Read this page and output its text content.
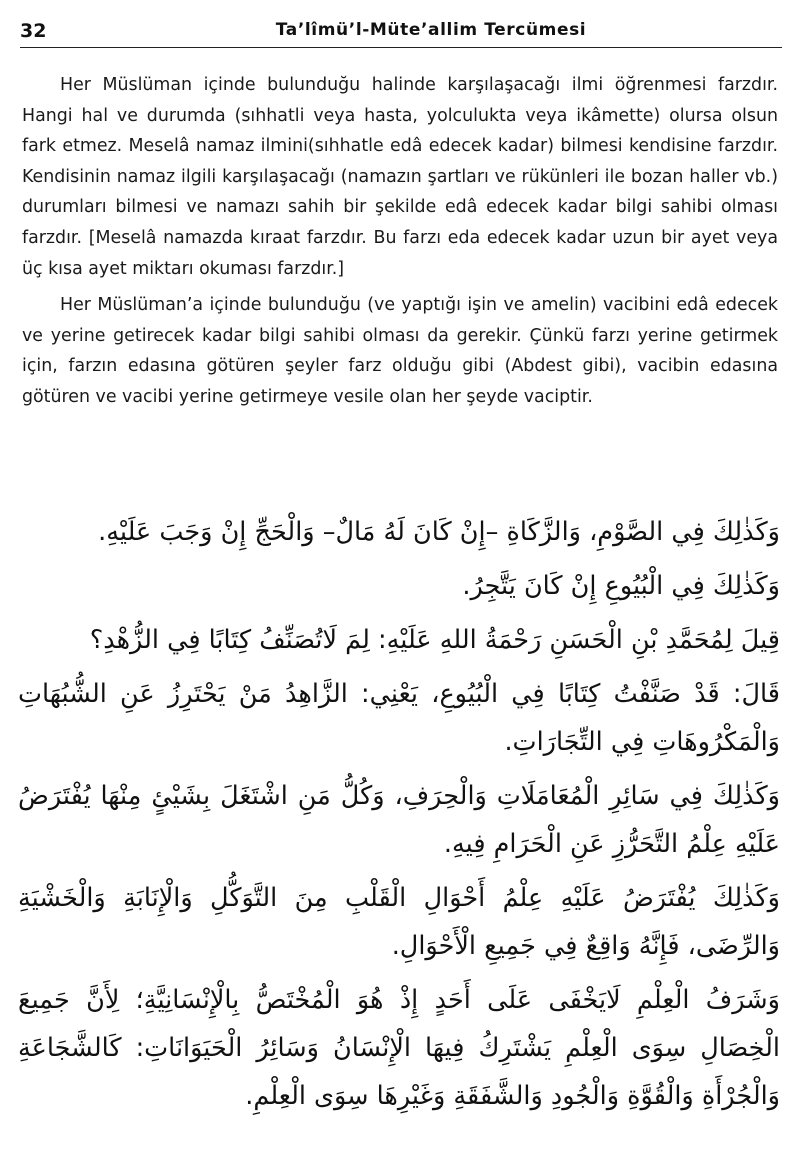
32	Ta’lîmü’l-Müte’allim Tercümesi

Her Müslüman içinde bulunduğu halinde karşılaşacağı ilmi öğrenmesi farzdır. Hangi hal ve durumda (sıhhatli veya hasta, yolculukta veya ikâmette) olursa olsun fark etmez. Meselâ namaz ilmini(sıhhatle edâ edecek kadar) bilmesi kendisine farzdır. Kendisinin namaz ilgili karşılaşacağı (namazın şartları ve rükünleri ile bozan haller vb.) durumları bilmesi ve namazı sahih bir şekilde edâ edecek kadar bilgi sahibi olması farzdır. [Meselâ namazda kıraat farzdır. Bu farzı eda edecek kadar uzun bir ayet veya üç kısa ayet miktarı okuması farzdır.]

Her Müslüman’a içinde bulunduğu (ve yaptığı işin ve amelin) vacibini edâ edecek ve yerine getirecek kadar bilgi sahibi olması da gerekir. Çünkü farzı yerine getirmek için, farzın edasına götüren şeyler farz olduğu gibi (Abdest gibi), vacibin edasına götüren ve vacibi yerine getirmeye vesile olan her şeyde vaciptir.

وَكَذٰلِكَ فِي الصَّوْمِ، وَالزَّكَاةِ –إِنْ كَانَ لَهُ مَالٌ– وَالْحَجِّ إِنْ وَجَبَ عَلَيْهِ.

وَكَذٰلِكَ فِي الْبُيُوعِ إِنْ كَانَ يَتَّجِرُ.

قِيلَ لِمُحَمَّدِ بْنِ الْحَسَنِ رَحْمَةُ اللهِ عَلَيْهِ: لِمَ لَاتُصَنِّفُ كِتَابًا فِي الزُّهْدِ؟

قَالَ: قَدْ صَنَّفْتُ كِتَابًا فِي الْبُيُوعِ، يَعْنِي: الزَّاهِدُ مَنْ يَحْتَرِزُ عَنِ الشُّبُهَاتِ وَالْمَكْرُوهَاتِ فِي التِّجَارَاتِ.

وَكَذٰلِكَ فِي سَائِرِ الْمُعَامَلَاتِ وَالْحِرَفِ، وَكُلُّ مَنِ اشْتَغَلَ بِشَيْئٍ مِنْهَا يُفْتَرَضُ عَلَيْهِ عِلْمُ التَّحَرُّزِ عَنِ الْحَرَامِ فِيهِ.

وَكَذٰلِكَ يُفْتَرَضُ عَلَيْهِ عِلْمُ أَحْوَالِ الْقَلْبِ مِنَ التَّوَكُّلِ وَالْإِنَابَةِ وَالْخَشْيَةِ وَالرِّضَى، فَإِنَّهُ وَاقِعٌ فِي جَمِيعِ الْأَحْوَالِ.

وَشَرَفُ الْعِلْمِ لَايَخْفَى عَلَى أَحَدٍ إِذْ هُوَ الْمُخْتَصُّ بِالْإِنْسَانِيَّةِ؛ لِأَنَّ جَمِيعَ الْخِصَالِ سِوَى الْعِلْمِ يَشْتَرِكُ فِيهَا الْإِنْسَانُ وَسَائِرُ الْحَيَوَانَاتِ: كَالشَّجَاعَةِ وَالْجُرْأَةِ وَالْقُوَّةِ وَالْجُودِ وَالشَّفَقَةِ وَغَيْرِهَا سِوَى الْعِلْمِ.
